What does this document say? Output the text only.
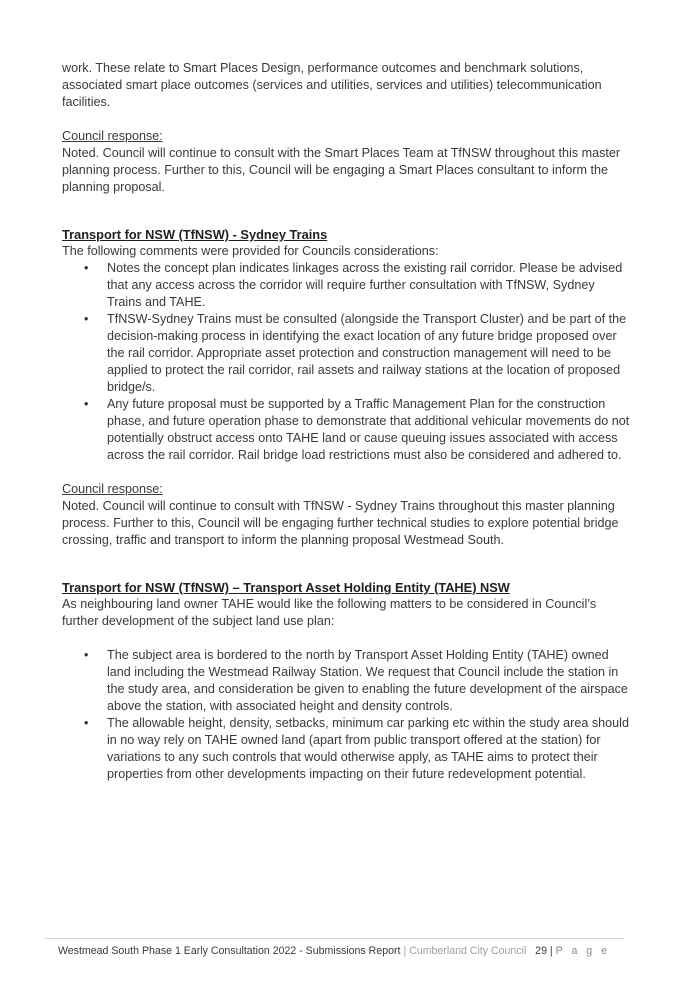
work. These relate to Smart Places Design, performance outcomes and benchmark solutions, associated smart place outcomes (services and utilities, services and utilities) telecommunication facilities.

Council response:

Noted. Council will continue to consult with the Smart Places Team at TfNSW throughout this master planning process. Further to this, Council will be engaging a Smart Places consultant to inform the planning proposal.

Transport for NSW (TfNSW) - Sydney Trains

The following comments were provided for Councils considerations:

• Notes the concept plan indicates linkages across the existing rail corridor. Please be advised that any access across the corridor will require further consultation with TfNSW, Sydney Trains and TAHE.
• TfNSW-Sydney Trains must be consulted (alongside the Transport Cluster) and be part of the decision-making process in identifying the exact location of any future bridge proposed over the rail corridor. Appropriate asset protection and construction management will need to be applied to protect the rail corridor, rail assets and railway stations at the location of proposed bridge/s.
• Any future proposal must be supported by a Traffic Management Plan for the construction phase, and future operation phase to demonstrate that additional vehicular movements do not potentially obstruct access onto TAHE land or cause queuing issues associated with access across the rail corridor. Rail bridge load restrictions must also be considered and adhered to.

Council response:

Noted. Council will continue to consult with TfNSW - Sydney Trains throughout this master planning process. Further to this, Council will be engaging further technical studies to explore potential bridge crossing, traffic and transport to inform the planning proposal Westmead South.

Transport for NSW (TfNSW) – Transport Asset Holding Entity (TAHE) NSW

As neighbouring land owner TAHE would like the following matters to be considered in Council’s further development of the subject land use plan:

• The subject area is bordered to the north by Transport Asset Holding Entity (TAHE) owned land including the Westmead Railway Station. We request that Council include the station in the study area, and consideration be given to enabling the future development of the airspace above the station, with associated height and density controls.
• The allowable height, density, setbacks, minimum car parking etc within the study area should in no way rely on TAHE owned land (apart from public transport offered at the station) for variations to any such controls that would otherwise apply, as TAHE aims to protect their properties from other developments impacting on their future redevelopment potential.
Westmead South Phase 1 Early Consultation 2022 - Submissions Report | Cumberland City Council 29 | P a g e
